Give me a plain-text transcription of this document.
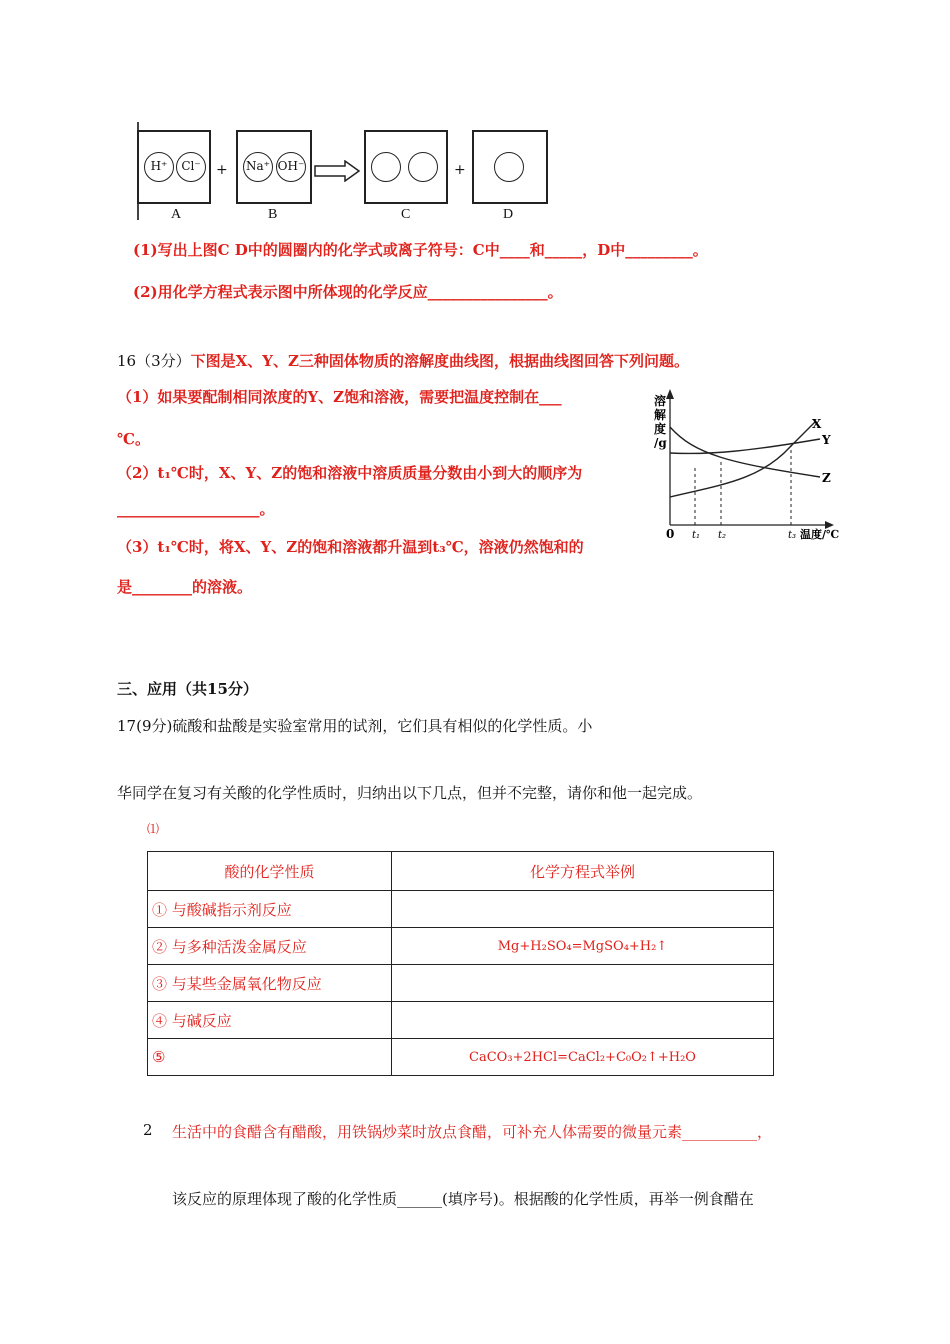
H⁺	Cl⁻	+ Na⁺ OH⁻	+
A	B	C	D
(1)写出上图C D中的圆圈内的化学式或离子符号：C中____和_____，D中_________。
(2)用化学方程式表示图中所体现的化学反应________________。
16（3分）下图是X、Y、Z三种固体物质的溶解度曲线图，根据曲线图回答下列问题。
（1）如果要配制相同浓度的Y、Z饱和溶液，需要把温度控制在___
℃。
（2）t₁℃时，X、Y、Z的饱和溶液中溶质质量分数由小到大的顺序为
___________________。
（3）t₁℃时，将X、Y、Z的饱和溶液都升温到t₃℃，溶液仍然饱和的
是________的溶液。
溶
解
度
/g
0 t₁ t₂	t₃ 温度/℃
X
Y
Z
三、应用（共15分）
17(9分)硫酸和盐酸是实验室常用的试剂，它们具有相似的化学性质。小
华同学在复习有关酸的化学性质时，归纳出以下几点，但并不完整，请你和他一起完成。
⑴
酸的化学性质	化学方程式举例
① 与酸碱指示剂反应	
② 与多种活泼金属反应	Mg+H₂SO₄=MgSO₄+H₂↑
③ 与某些金属氧化物反应	
④ 与碱反应	
⑤	CaCO₃+2HCl=CaCl₂+C₀O₂↑+H₂O
2 生活中的食醋含有醋酸，用铁锅炒菜时放点食醋，可补充人体需要的微量元素__________，
该反应的原理体现了酸的化学性质______(填序号)。根据酸的化学性质，再举一例食醋在
